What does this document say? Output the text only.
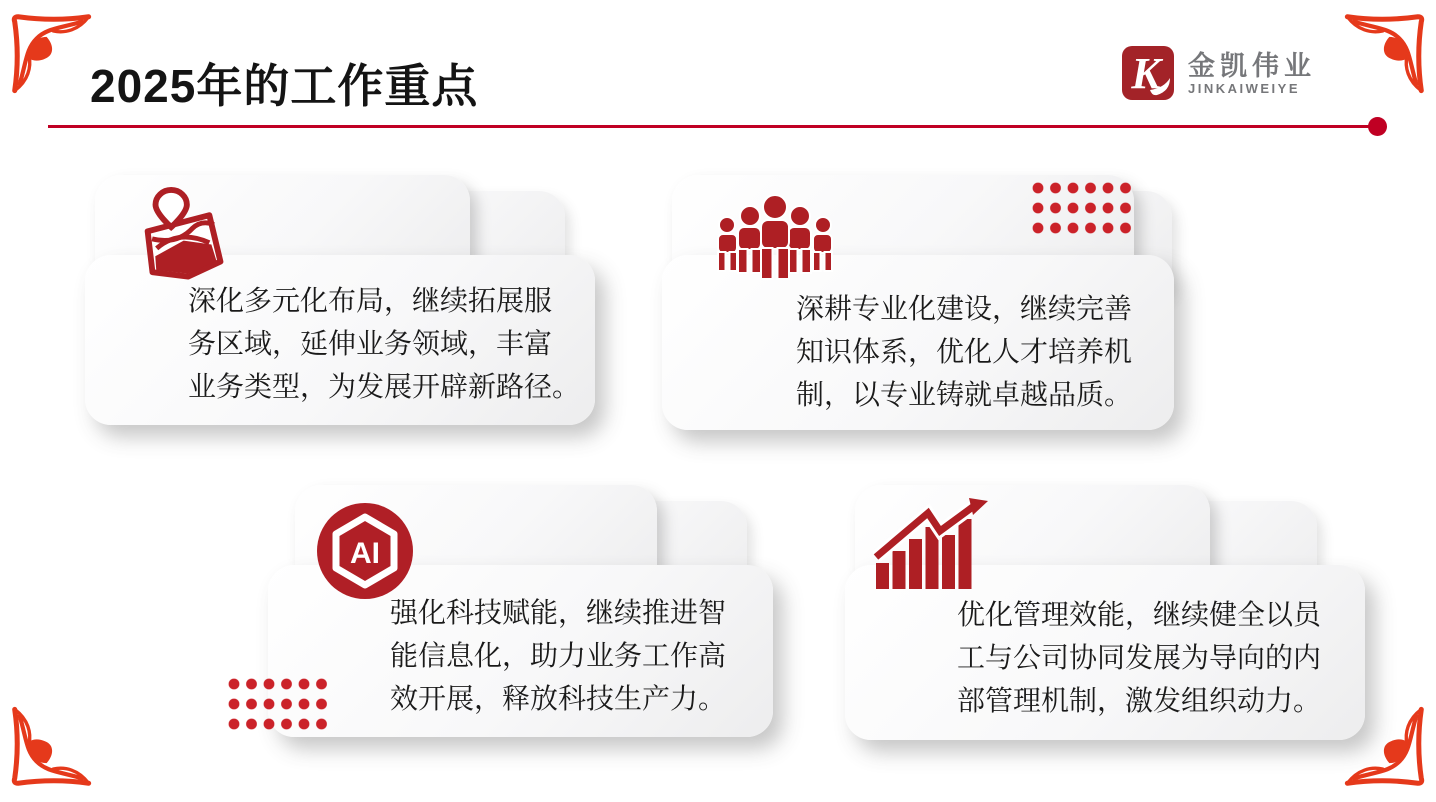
2025年的工作重点	K 金凯伟业
JINKAIWEIYE
深化多元化布局，继续拓展服
务区域，延伸业务领域，丰富
业务类型，为发展开辟新路径。
深耕专业化建设，继续完善
知识体系，优化人才培养机
制，以专业铸就卓越品质。
AI
强化科技赋能，继续推进智
能信息化，助力业务工作高
效开展，释放科技生产力。
优化管理效能，继续健全以员
工与公司协同发展为导向的内
部管理机制，激发组织动力。
